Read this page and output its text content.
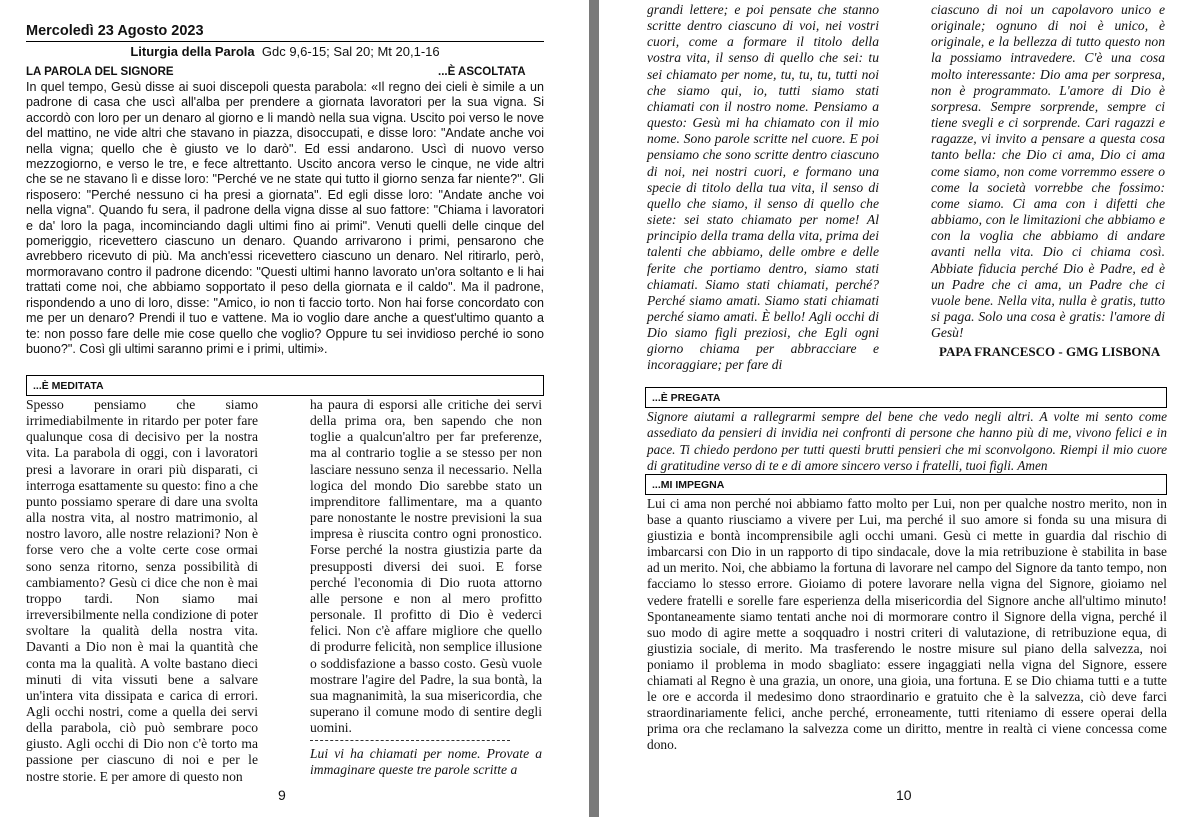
Mercoledì 23 Agosto 2023
Liturgia della Parola Gdc 9,6-15; Sal 20; Mt 20,1-16
LA PAROLA DEL SIGNORE	...È ASCOLTATA

In quel tempo, Gesù disse ai suoi discepoli questa parabola: «Il regno dei cieli è simile a un padrone di casa che uscì all'alba per prendere a giornata lavoratori per la sua vigna. Si accordò con loro per un denaro al giorno e li mandò nella sua vigna. Uscito poi verso le nove del mattino, ne vide altri che stavano in piazza, disoccupati, e disse loro: "Andate anche voi nella vigna; quello che è giusto ve lo darò". Ed essi andarono. Uscì di nuovo verso mezzogiorno, e verso le tre, e fece altrettanto. Uscito ancora verso le cinque, ne vide altri che se ne stavano lì e disse loro: "Perché ve ne state qui tutto il giorno senza far niente?". Gli risposero: "Perché nessuno ci ha presi a giornata". Ed egli disse loro: "Andate anche voi nella vigna". Quando fu sera, il padrone della vigna disse al suo fattore: "Chiama i lavoratori e da' loro la paga, incominciando dagli ultimi fino ai primi". Venuti quelli delle cinque del pomeriggio, ricevettero ciascuno un denaro. Quando arrivarono i primi, pensarono che avrebbero ricevuto di più. Ma anch'essi ricevettero ciascuno un denaro. Nel ritirarlo, però, mormoravano contro il padrone dicendo: "Questi ultimi hanno lavorato un'ora soltanto e li hai trattati come noi, che abbiamo sopportato il peso della giornata e il caldo". Ma il padrone, rispondendo a uno di loro, disse: "Amico, io non ti faccio torto. Non hai forse concordato con me per un denaro? Prendi il tuo e vattene. Ma io voglio dare anche a quest'ultimo quanto a te: non posso fare delle mie cose quello che voglio? Oppure tu sei invidioso perché io sono buono?". Così gli ultimi saranno primi e i primi, ultimi».

...È MEDITATA

Spesso pensiamo che siamo irrimediabilmente in ritardo per poter fare qualunque cosa di decisivo per la nostra vita. La parabola di oggi, con i lavoratori presi a lavorare in orari più disparati, ci interroga esattamente su questo: fino a che punto possiamo sperare di dare una svolta alla nostra vita, al nostro matrimonio, al nostro lavoro, alle nostre relazioni? Non è forse vero che a volte certe cose ormai sono senza ritorno, senza possibilità di cambiamento? Gesù ci dice che non è mai troppo tardi. Non siamo mai irreversibilmente nella condizione di poter svoltare la qualità della nostra vita. Davanti a Dio non è mai la quantità che conta ma la qualità. A volte bastano dieci minuti di vita vissuti bene a salvare un'intera vita dissipata e carica di errori. Agli occhi nostri, come a quella dei servi della parabola, ciò può sembrare poco giusto. Agli occhi di Dio non c'è torto ma passione per ciascuno di noi e per le nostre storie. E per amore di questo non

ha paura di esporsi alle critiche dei servi della prima ora, ben sapendo che non toglie a qualcun'altro per far preferenze, ma al contrario toglie a se stesso per non lasciare nessuno senza il necessario. Nella logica del mondo Dio sarebbe stato un imprenditore fallimentare, ma a quanto pare nonostante le nostre previsioni la sua impresa è riuscita contro ogni pronostico. Forse perché la nostra giustizia parte da presupposti diversi dei suoi. E forse perché l'economia di Dio ruota attorno alle persone e non al mero profitto personale. Il profitto di Dio è vederci felici. Non c'è affare migliore che quello di produrre felicità, non semplice illusione o soddisfazione a basso costo. Gesù vuole mostrare l'agire del Padre, la sua bontà, la sua magnanimità, la sua misericordia, che superano il comune modo di sentire degli uomini.

Lui vi ha chiamati per nome. Provate a immaginare queste tre parole scritte a

9

grandi lettere; e poi pensate che stanno scritte dentro ciascuno di voi, nei vostri cuori, come a formare il titolo della vostra vita, il senso di quello che sei: tu sei chiamato per nome, tu, tu, tu, tutti noi che siamo qui, io, tutti siamo stati chiamati con il nostro nome. Pensiamo a questo: Gesù mi ha chiamato con il mio nome. Sono parole scritte nel cuore. E poi pensiamo che sono scritte dentro ciascuno di noi, nei nostri cuori, e formano una specie di titolo della tua vita, il senso di quello che siamo, il senso di quello che siete: sei stato chiamato per nome! Al principio della trama della vita, prima dei talenti che abbiamo, delle ombre e delle ferite che portiamo dentro, siamo stati chiamati. Siamo stati chiamati, perché? Perché siamo amati. Siamo stati chiamati perché siamo amati. È bello! Agli occhi di Dio siamo figli preziosi, che Egli ogni giorno chiama per abbracciare e incoraggiare; per fare di

ciascuno di noi un capolavoro unico e originale; ognuno di noi è unico, è originale, e la bellezza di tutto questo non la possiamo intravedere. C'è una cosa molto interessante: Dio ama per sorpresa, non è programmato. L'amore di Dio è sorpresa. Sempre sorprende, sempre ci tiene svegli e ci sorprende. Cari ragazzi e ragazze, vi invito a pensare a questa cosa tanto bella: che Dio ci ama, Dio ci ama come siamo, non come vorremmo essere o come la società vorrebbe che fossimo: come siamo. Ci ama con i difetti che abbiamo, con le limitazioni che abbiamo e con la voglia che abbiamo di andare avanti nella vita. Dio ci chiama così. Abbiate fiducia perché Dio è Padre, ed è un Padre che ci ama, un Padre che ci vuole bene. Nella vita, nulla è gratis, tutto si paga. Solo una cosa è gratis: l'amore di Gesù!

PAPA FRANCESCO - GMG LISBONA
...È PREGATA

Signore aiutami a rallegrarmi sempre del bene che vedo negli altri. A volte mi sento come assediato da pensieri di invidia nei confronti di persone che hanno più di me, vivono felici e in pace. Ti chiedo perdono per tutti questi brutti pensieri che mi sconvolgono. Riempi il mio cuore di gratitudine verso di te e di amore sincero verso i fratelli, tuoi figli. Amen

...MI IMPEGNA

Lui ci ama non perché noi abbiamo fatto molto per Lui, non per qualche nostro merito, non in base a quanto riusciamo a vivere per Lui, ma perché il suo amore si fonda su una misura di giustizia e bontà incomprensibile agli occhi umani. Gesù ci mette in guardia dal rischio di imbarcarsi con Dio in un rapporto di tipo sindacale, dove la mia retribuzione è stabilita in base ad un merito. Noi, che abbiamo la fortuna di lavorare nel campo del Signore da tanto tempo, non facciamo lo stesso errore. Gioiamo di potere lavorare nella vigna del Signore, gioiamo nel vedere fratelli e sorelle fare esperienza della misericordia del Signore anche all'ultimo minuto! Spontaneamente siamo tentati anche noi di mormorare contro il Signore della vigna, perché il suo modo di agire mette a soqquadro i nostri criteri di valutazione, di retribuzione equa, di giustizia sociale, di merito. Ma trasferendo le nostre misure sul piano della salvezza, noi poniamo il problema in modo sbagliato: essere ingaggiati nella vigna del Signore, essere chiamati al Regno è una grazia, un onore, una gioia, una fortuna. E se Dio chiama tutti e a tutte le ore e accorda il medesimo dono straordinario e gratuito che è la salvezza, ciò deve farci straordinariamente felici, anche perché, erroneamente, tutti riteniamo di essere operai della prima ora che reclamano la salvezza come un diritto, mentre in realtà ci viene concessa come dono.

10
